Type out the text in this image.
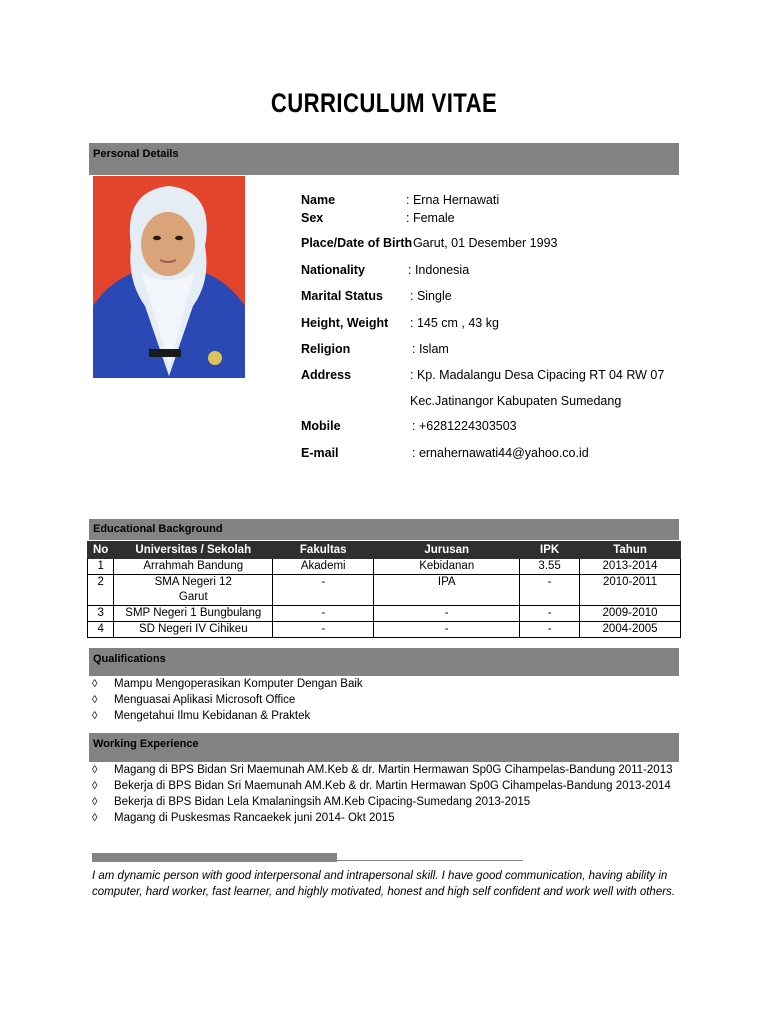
CURRICULUM VITAE
Personal Details
Name	: Erna Hernawati
Sex	: Female
Place/Date of Birth
: Garut, 01 Desember 1993
Nationality	: Indonesia
Marital Status : Single
Height, Weight : 145 cm , 43 kg
Religion	: Islam
Address	: Kp. Madalangu Desa Cipacing RT 04 RW 07
Kec.Jatinangor Kabupaten Sumedang
Mobile	: +6281224303503
E-mail	: ernahernawati44@yahoo.co.id
Educational Background
No	Universitas / Sekolah	Fakultas	Jurusan	IPK	Tahun
1	Arrahmah Bandung	Akademi	Kebidanan	3.55	2013-2014
2	SMA Negeri 12
Garut	-	IPA	-	2010-2011
3	SMP Negeri 1 Bungbulang	-	-	-	2009-2010
4	SD Negeri IV Cihikeu	-	-	-	2004-2005
Qualifications
◊ Mampu Mengoperasikan Komputer Dengan Baik
◊ Menguasai Aplikasi Microsoft Office
◊ Mengetahui Ilmu Kebidanan & Praktek
Working Experience
◊ Magang di BPS Bidan Sri Maemunah AM.Keb & dr. Martin Hermawan Sp0G Cihampelas-Bandung 2011-2013
◊ Bekerja di BPS Bidan Sri Maemunah AM.Keb & dr. Martin Hermawan Sp0G Cihampelas-Bandung 2013-2014
◊ Bekerja di BPS Bidan Lela Kmalaningsih AM.Keb Cipacing-Sumedang 2013-2015
◊ Magang di Puskesmas Rancaekek juni 2014- Okt 2015
I am dynamic person with good interpersonal and intrapersonal skill. I have good communication, having ability in computer, hard worker, fast learner, and highly motivated, honest and high self confident and work well with others.
